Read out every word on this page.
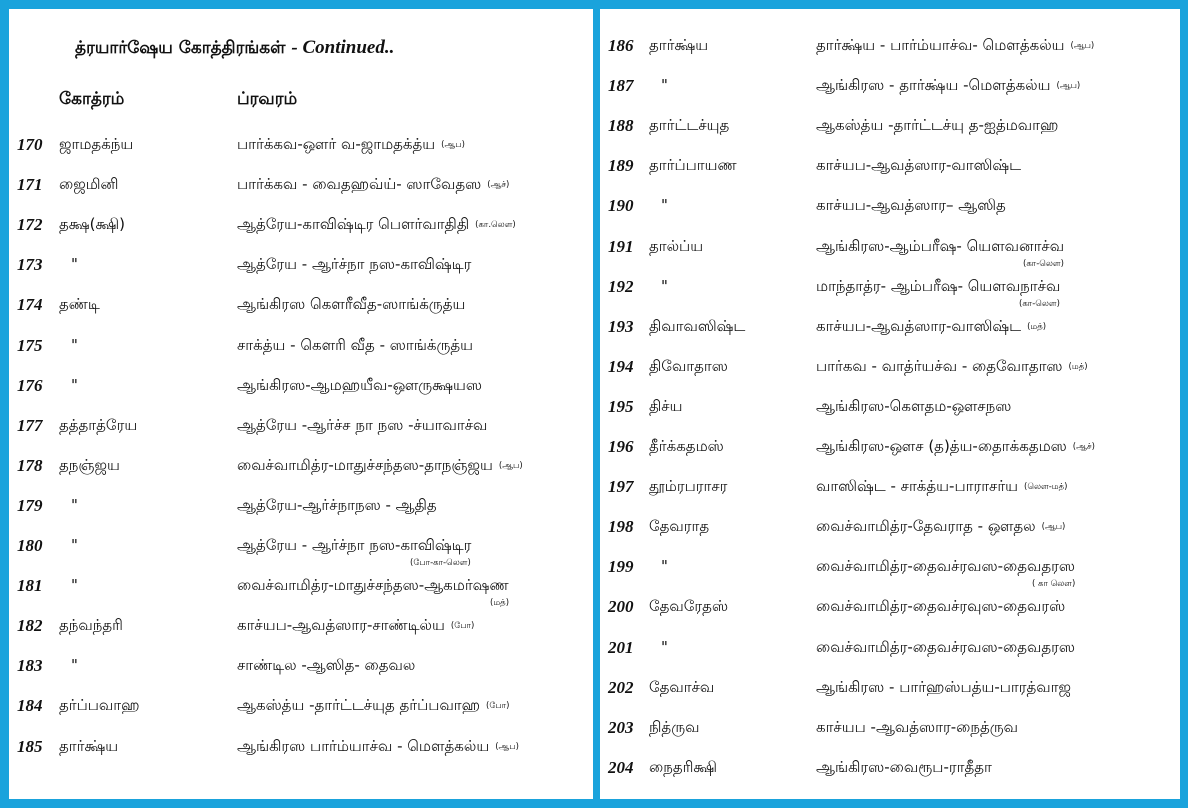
த்ரயார்ஷேய கோத்திரங்கள் - Continued..
கோத்ரம்	ப்ரவரம்
170 ஜாமதக்ந்ய	பார்க்கவ-ஔர் வ-ஜாமதக்த்ய (ஆப)
171 ஜைமினி	பார்க்கவ - வைதஹவ்ய்- ஸாவேதஸ (ஆச்)
172 தக்ஷ(க்ஷி)	ஆத்ரேய-காவிஷ்டிர பௌர்வாதிதி (கா.லௌ)
173 "	ஆத்ரேய - ஆர்ச்நா நஸ-காவிஷ்டிர
174 தண்டி	ஆங்கிரஸ கௌரீவீத-ஸாங்க்ருத்ய
175 "	சாக்த்ய - கௌரி வீத - ஸாங்க்ருத்ய
176 "	ஆங்கிரஸ-ஆமஹயீவ-ஔருக்ஷயஸ
177 தத்தாத்ரேய	ஆத்ரேய -ஆர்ச்ச நா நஸ -ச்யாவாச்வ
178 தநஞ்ஜய	வைச்வாமித்ர-மாதுச்சந்தஸ-தாநஞ்ஜய (ஆப)
179 "	ஆத்ரேய-ஆர்ச்நாநஸ - ஆதித
180 "	ஆத்ரேய - ஆர்ச்நா நஸ-காவிஷ்டிர
(போ-கா-லௌ)
181 "	வைச்வாமித்ர-மாதுச்சந்தஸ-ஆகமர்ஷண
(மத்)
182 தந்வந்தரி	காச்யப-ஆவத்ஸார-சாண்டில்ய (போ)
183 "	சாண்டில -ஆஸித- தைவல
184 தர்ப்பவாஹ	ஆகஸ்த்ய -தார்ட்டச்யுத தர்ப்பவாஹ (போ)
185 தார்க்ஷ்ய	ஆங்கிரஸ பார்ம்யாச்வ - மௌத்கல்ய (ஆப)
186 தார்க்ஷ்ய	தார்க்ஷ்ய - பார்ம்யாச்வ- மௌத்கல்ய (ஆப)
187 "	ஆங்கிரஸ - தார்க்ஷ்ய -மௌத்கல்ய (ஆப)
188 தார்ட்டச்யுத	ஆகஸ்த்ய -தார்ட்டச்யு த-ஐத்மவாஹ
189 தார்ப்பாயண	காச்யப-ஆவத்ஸார-வாஸிஷ்ட
190 "	காச்யப-ஆவத்ஸார– ஆஸித
191 தால்ப்ய	ஆங்கிரஸ-ஆம்பரீஷ- யௌவனாச்வ
(கா-லௌ)
192 "	மாந்தாத்ர- ஆம்பரீஷ- யௌவநாச்வ
(கா-லௌ)
193 திவாவஸிஷ்ட	காச்யப-ஆவத்ஸார-வாஸிஷ்ட (மத்)
194 திவோதாஸ	பார்கவ - வாத்ர்யச்வ - தைவோதாஸ (மத்)
195 திச்ய	ஆங்கிரஸ-கௌதம-ஔசநஸ
196 தீர்க்கதமஸ்	ஆங்கிரஸ-ஔச (த)த்ய-தைாக்கதமஸ (ஆச்)
197 தூம்ரபராசர	வாஸிஷ்ட - சாக்த்ய-பாராசர்ய (லௌ-மத்)
198 தேவராத	வைச்வாமித்ர-தேவராத - ஔதல (ஆப)
199 "	வைச்வாமித்ர-தைவச்ரவஸ-தைவதரஸ
( கா லௌ)
200 தேவரேதஸ்	வைச்வாமித்ர-தைவச்ரவுஸ-தைவரஸ்
201 "	வைச்வாமித்ர-தைவச்ரவஸ-தைவதரஸ
202 தேவாச்வ	ஆங்கிரஸ - பார்ஹஸ்பத்ய-பாரத்வாஜ
203 நித்ருவ	காச்யப -ஆவத்ஸார-நைத்ருவ
204 நைதரிக்ஷி	ஆங்கிரஸ-வைரூப-ராதீதா
